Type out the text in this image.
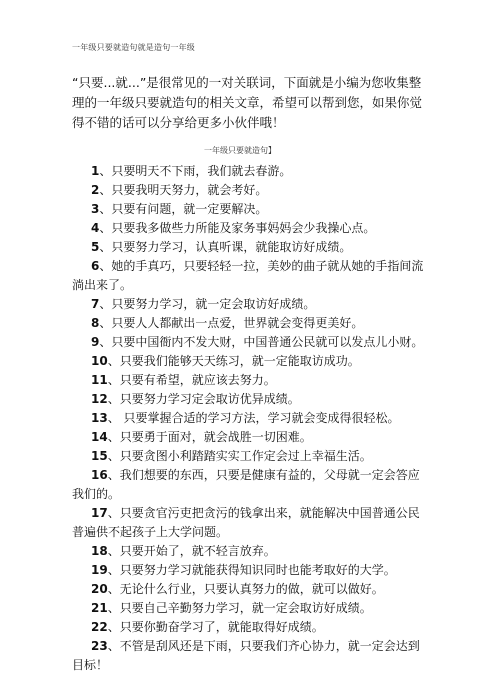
一年级只要就造句就是造句一年级
“只要...就...”是很常见的一对关联词，下面就是小编为您收集整理的一年级只要就造句的相关文章，希望可以帮到您，如果你觉得不错的话可以分享给更多小伙伴哦！
一年级只要就造句】
1、只要明天不下雨，我们就去春游。
2、只要我明天努力，就会考好。
3、只要有问题，就一定要解决。
4、只要我多做些力所能及家务事妈妈会少我操心点。
5、只要努力学习，认真听课，就能取访好成绩。
6、她的手真巧，只要轻轻一拉，美妙的曲子就从她的手指间流淌出来了。
7、只要努力学习，就一定会取访好成绩。
8、只要人人都献出一点爱，世界就会变得更美好。
9、只要中国衙内不发大财，中国普通公民就可以发点儿小财。
10、只要我们能够天天练习，就一定能取访成功。
11、只要有希望，就应该去努力。
12、只要努力学习定会取访优异成绩。
13、 只要掌握合适的学习方法，学习就会变成得很轻松。
14、只要勇于面对，就会战胜一切困难。
15、只要贪图小利踏踏实实工作定会过上幸福生活。
16、我们想要的东西，只要是健康有益的，父母就一定会答应我们的。
17、只要贪官污吏把贪污的钱拿出来，就能解决中国普通公民普遍供不起孩子上大学问题。
18、只要开始了，就不轻言放弃。
19、只要努力学习就能获得知识同时也能考取好的大学。
20、无论什么行业，只要认真努力的做，就可以做好。
21、只要自己辛勤努力学习，就一定会取访好成绩。
22、只要你勤奋学习了，就能取得好成绩。
23、不管是刮风还是下雨，只要我们齐心协力，就一定会达到目标！
